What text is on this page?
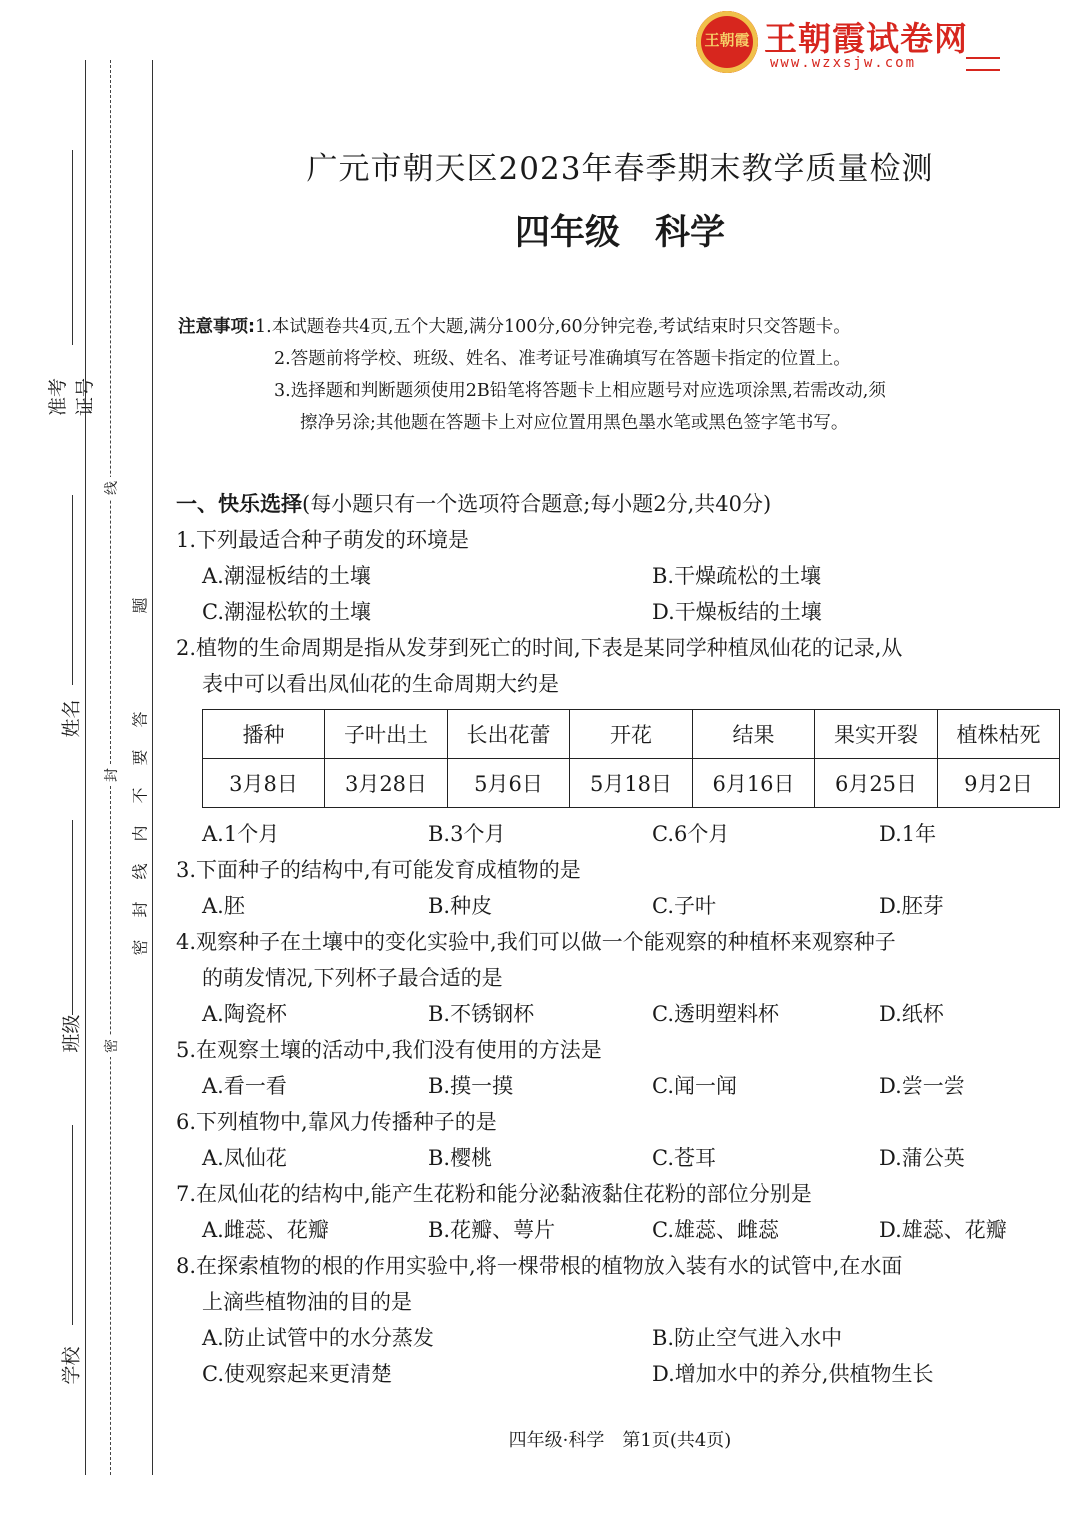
王朝霞 王朝霞试卷网
www.wzxsjw.com
准考证号
姓名
班级
学校
线
封
密
密
封
线
内
不
要
答
题
广元市朝天区2023年春季期末教学质量检测
四年级　科学
注意事项:1.本试题卷共4页,五个大题,满分100分,60分钟完卷,考试结束时只交答题卡。
2.答题前将学校、班级、姓名、准考证号准确填写在答题卡指定的位置上。
3.选择题和判断题须使用2B铅笔将答题卡上相应题号对应选项涂黑,若需改动,须
擦净另涂;其他题在答题卡上对应位置用黑色墨水笔或黑色签字笔书写。
一、快乐选择(每小题只有一个选项符合题意;每小题2分,共40分)
1.下列最适合种子萌发的环境是
A.潮湿板结的土壤	B.干燥疏松的土壤
C.潮湿松软的土壤	D.干燥板结的土壤
2.植物的生命周期是指从发芽到死亡的时间,下表是某同学种植凤仙花的记录,从
表中可以看出凤仙花的生命周期大约是
A.1个月	B.3个月	C.6个月	D.1年
3.下面种子的结构中,有可能发育成植物的是
A.胚	B.种皮	C.子叶	D.胚芽
4.观察种子在土壤中的变化实验中,我们可以做一个能观察的种植杯来观察种子
的萌发情况,下列杯子最合适的是
A.陶瓷杯	B.不锈钢杯	C.透明塑料杯	D.纸杯
5.在观察土壤的活动中,我们没有使用的方法是
A.看一看	B.摸一摸	C.闻一闻	D.尝一尝
6.下列植物中,靠风力传播种子的是
A.凤仙花	B.樱桃	C.苍耳	D.蒲公英
7.在凤仙花的结构中,能产生花粉和能分泌黏液黏住花粉的部位分别是
A.雌蕊、花瓣	B.花瓣、萼片	C.雄蕊、雌蕊	D.雄蕊、花瓣
8.在探索植物的根的作用实验中,将一棵带根的植物放入装有水的试管中,在水面
上滴些植物油的目的是
A.防止试管中的水分蒸发	B.防止空气进入水中
C.使观察起来更清楚	D.增加水中的养分,供植物生长
播种	子叶出土	长出花蕾	开花	结果	果实开裂	植株枯死
3月8日	3月28日	5月6日	5月18日	6月16日	6月25日	9月2日
四年级·科学　第1页(共4页)
